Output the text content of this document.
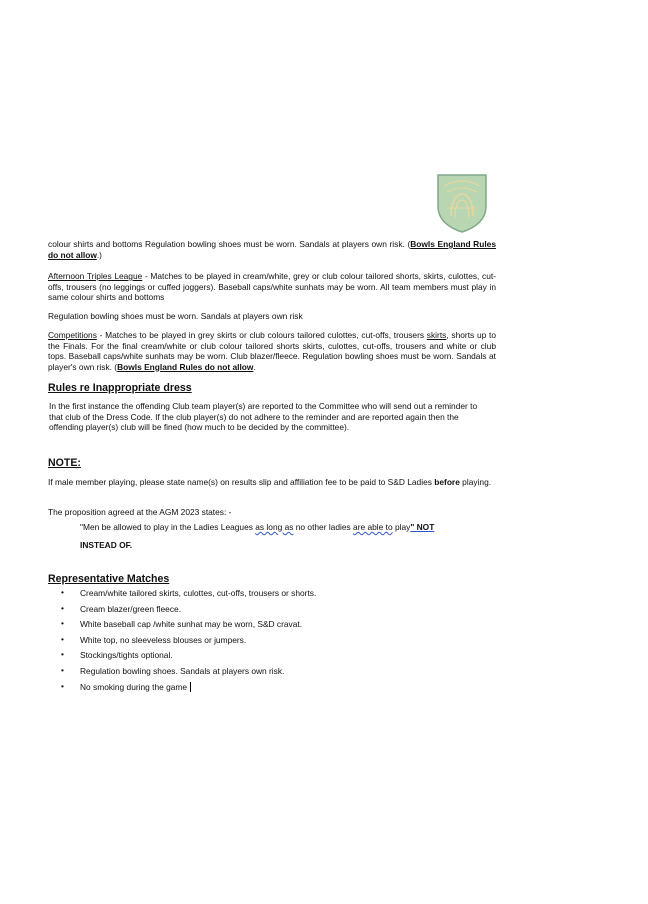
colour shirts and bottoms Regulation bowling shoes must be worn. Sandals at players own risk. (Bowls England Rules do not allow.)
Afternoon Triples League - Matches to be played in cream/white, grey or club colour tailored shorts, skirts, culottes, cut-offs, trousers (no leggings or cuffed joggers). Baseball caps/white sunhats may be worn. All team members must play in same colour shirts and bottoms
Regulation bowling shoes must be worn. Sandals at players own risk
Competitions - Matches to be played in grey skirts or club colours tailored culottes, cut-offs, trousers skirts, shorts up to the Finals. For the final cream/white or club colour tailored shorts skirts, culottes, cut-offs, trousers and white or club tops. Baseball caps/white sunhats may be worn. Club blazer/fleece. Regulation bowling shoes must be worn. Sandals at player's own risk. (Bowls England Rules do not allow.
Rules re Inappropriate dress
In the first instance the offending Club team player(s) are reported to the Committee who will send out a reminder to that club of the Dress Code. If the club player(s) do not adhere to the reminder and are reported again then the offending player(s) club will be fined (how much to be decided by the committee).
NOTE:
If male member playing, please state name(s) on results slip and affiliation fee to be paid to S&D Ladies before playing.
The proposition agreed at the AGM 2023 states: -
"Men be allowed to play in the Ladies Leagues as long as no other ladies are able to play" NOT
INSTEAD OF.
Representative Matches
• Cream/white tailored skirts, culottes, cut-offs, trousers or shorts.
• Cream blazer/green fleece.
• White baseball cap /white sunhat may be worn, S&D cravat.
• White top, no sleeveless blouses or jumpers.
• Stockings/tights optional.
• Regulation bowling shoes. Sandals at players own risk.
• No smoking during the game
